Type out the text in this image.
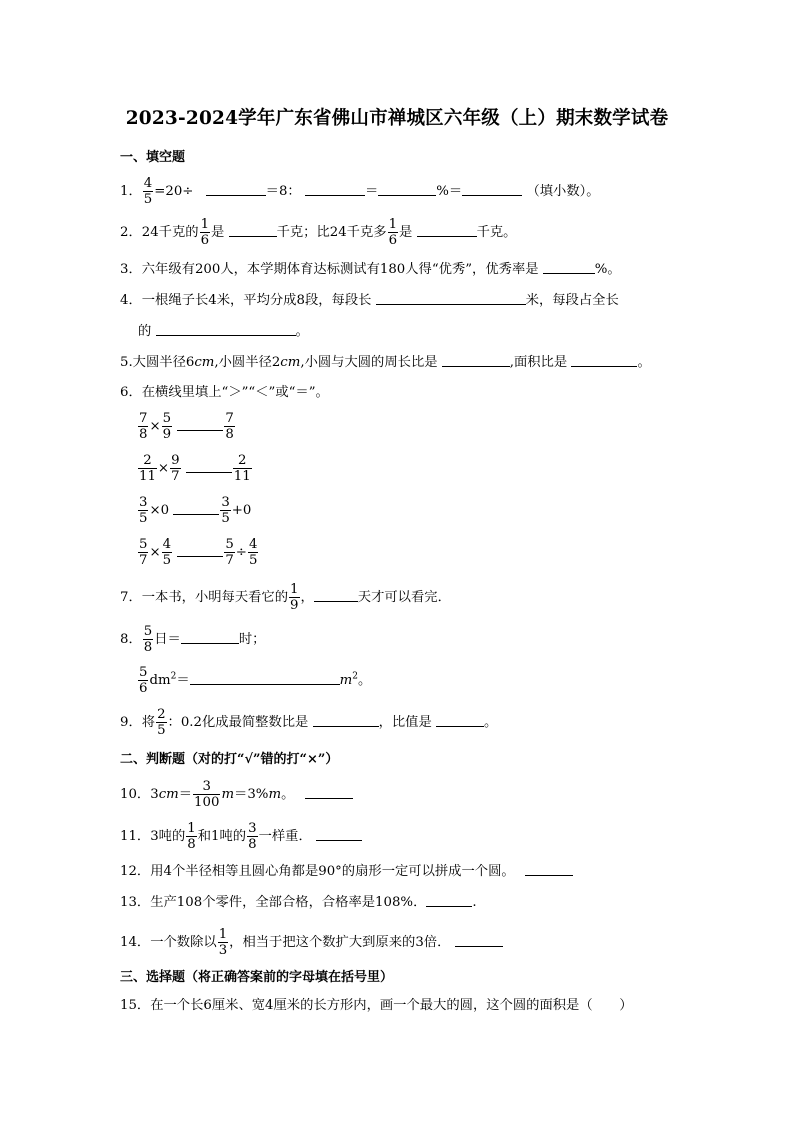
2023-2024学年广东省佛山市禅城区六年级（上）期末数学试卷
一、填空题
1． $\frac{4}{5} =20\div$	＝8：	＝	%＝	（填小数）。
2．24千克的 $\frac{1}{6}$ 是	千克；比24千克多 $\frac{1}{6}$ 是	千克。
3．六年级有200人，本学期体育达标测试有180人得“优秀”，优秀率是	%。
4．一根绳子长4米，平均分成8段，每段长	米，每段占全长
的	。
5.大圆半径6cm,小圆半径2cm,小圆与大圆的周长比是	,面积比是	。
6．在横线里填上“＞”“＜”或“＝”。
$\frac{7}{8} \times \frac{5}{9}$
	$\frac{7}{8}$
$\frac{2}{11} \times \frac{9}{7}$
	$\frac{2}{11}$
$\frac{3}{5} \times 0$	$\frac{3}{5} +0$
$\frac{5}{7} \times \frac{4}{5}$
	$\frac{5}{7} \div \frac{4}{5}$
7．一本书，小明每天看它的 $\frac{1}{9}$ ，	天才可以看完．
8． $\frac{5}{8}$ 日＝	时；
$\frac{5}{6} dm^2=$	$m^2$。
9．将 $\frac{2}{5}$ ：0.2化成最简整数比是	，比值是	。
二、判断题（对的打“√”错的打“×”）
10．$3cm= \frac{3}{100} m=3\%m$。
11．3吨的 $\frac{1}{8}$ 和1吨的 $\frac{3}{8}$ 一样重．
12．用4个半径相等且圆心角都是90°的扇形一定可以拼成一个圆。
13．生产108个零件，全部合格，合格率是108%．	.
14．一个数除以 $\frac{1}{3}$ ，相当于把这个数扩大到原来的3倍．
三、选择题（将正确答案前的字母填在括号里）
15．在一个长6厘米、宽4厘米的长方形内，画一个最大的圆，这个圆的面积是（　　）
